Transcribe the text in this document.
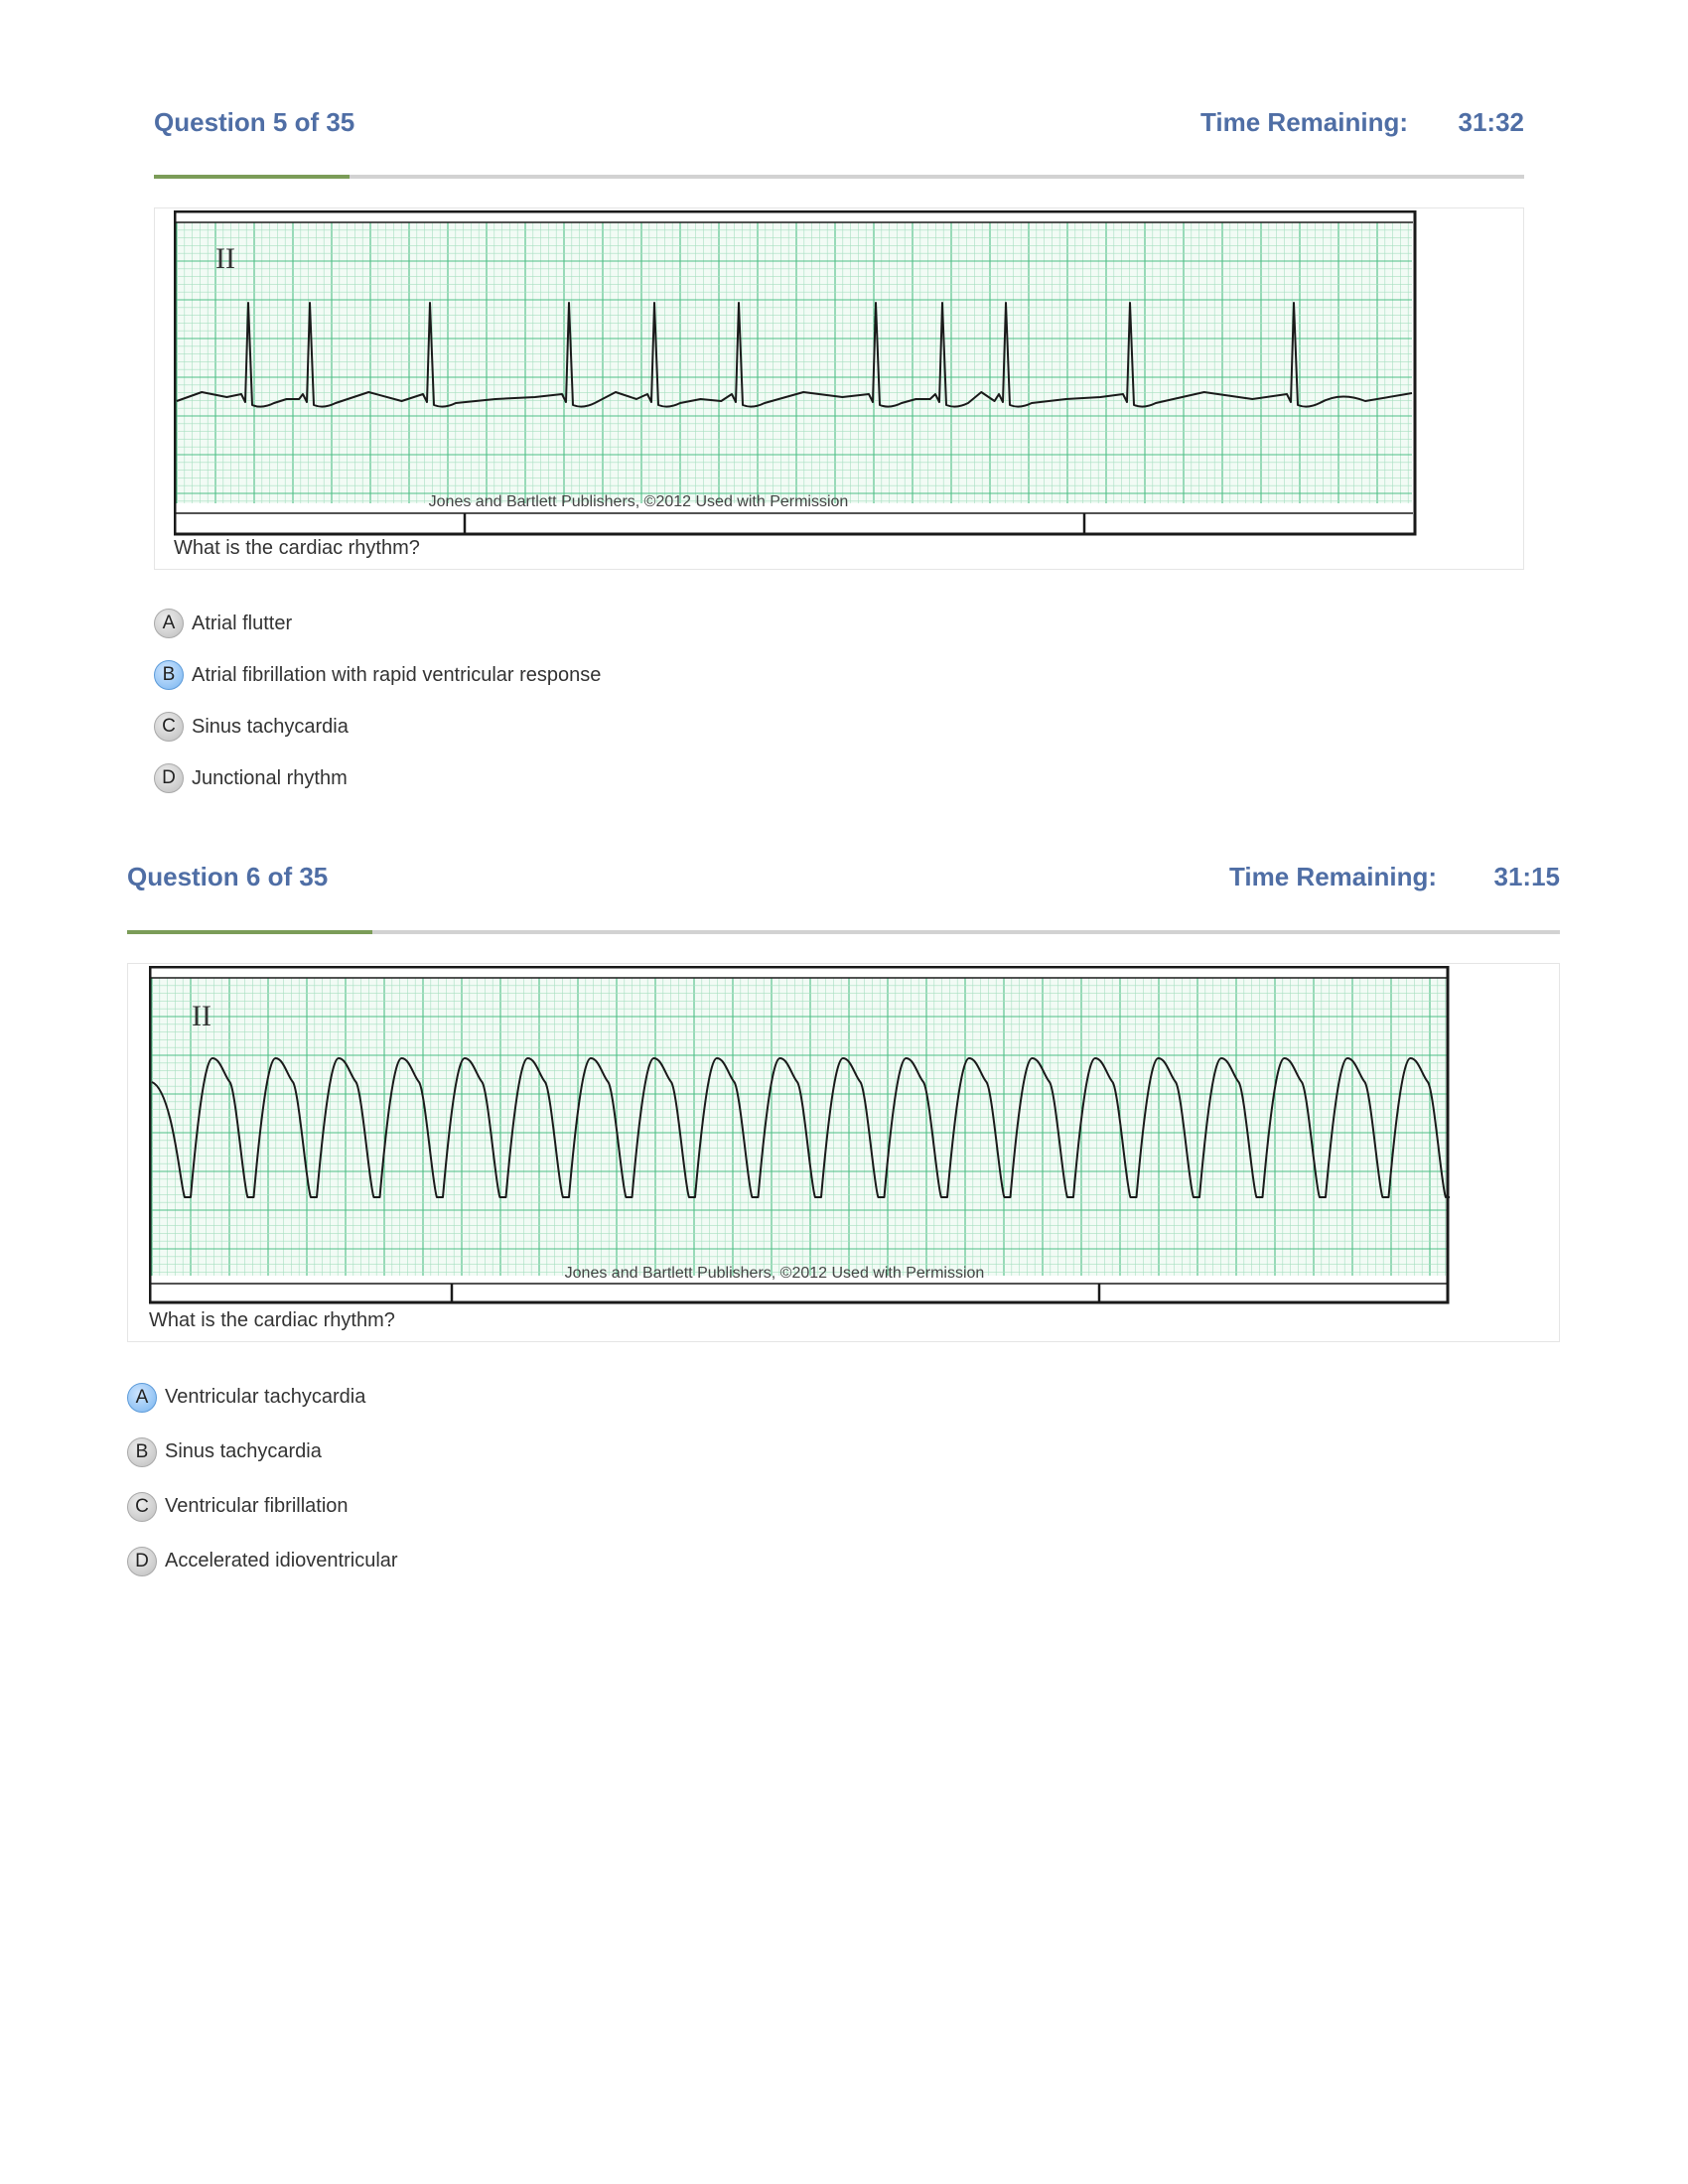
Question 5 of 35	Time Remaining: 31:32
II
Jones and Bartlett Publishers, ©2012 Used with Permission
What is the cardiac rhythm?
A Atrial flutter
B Atrial fibrillation with rapid ventricular response
C Sinus tachycardia
D Junctional rhythm
Question 6 of 35	Time Remaining: 31:15
II
Jones and Bartlett Publishers, ©2012 Used with Permission
What is the cardiac rhythm?
A Ventricular tachycardia
B Sinus tachycardia
C Ventricular fibrillation
D Accelerated idioventricular
